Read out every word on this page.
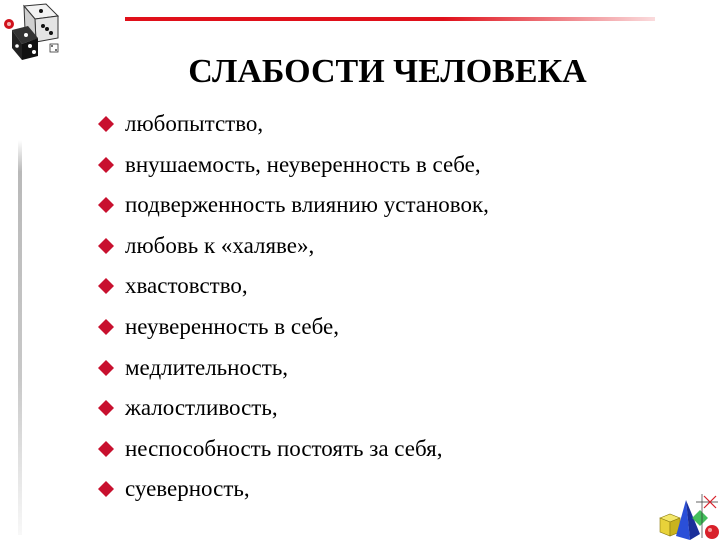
СЛАБОСТИ ЧЕЛОВЕКА
любопытство,
внушаемость, неуверенность в себе,
подверженность влиянию установок,
любовь к «халяве»,
хвастовство,
неуверенность в себе,
медлительность,
жалостливость,
неспособность постоять за себя,
суеверность,
